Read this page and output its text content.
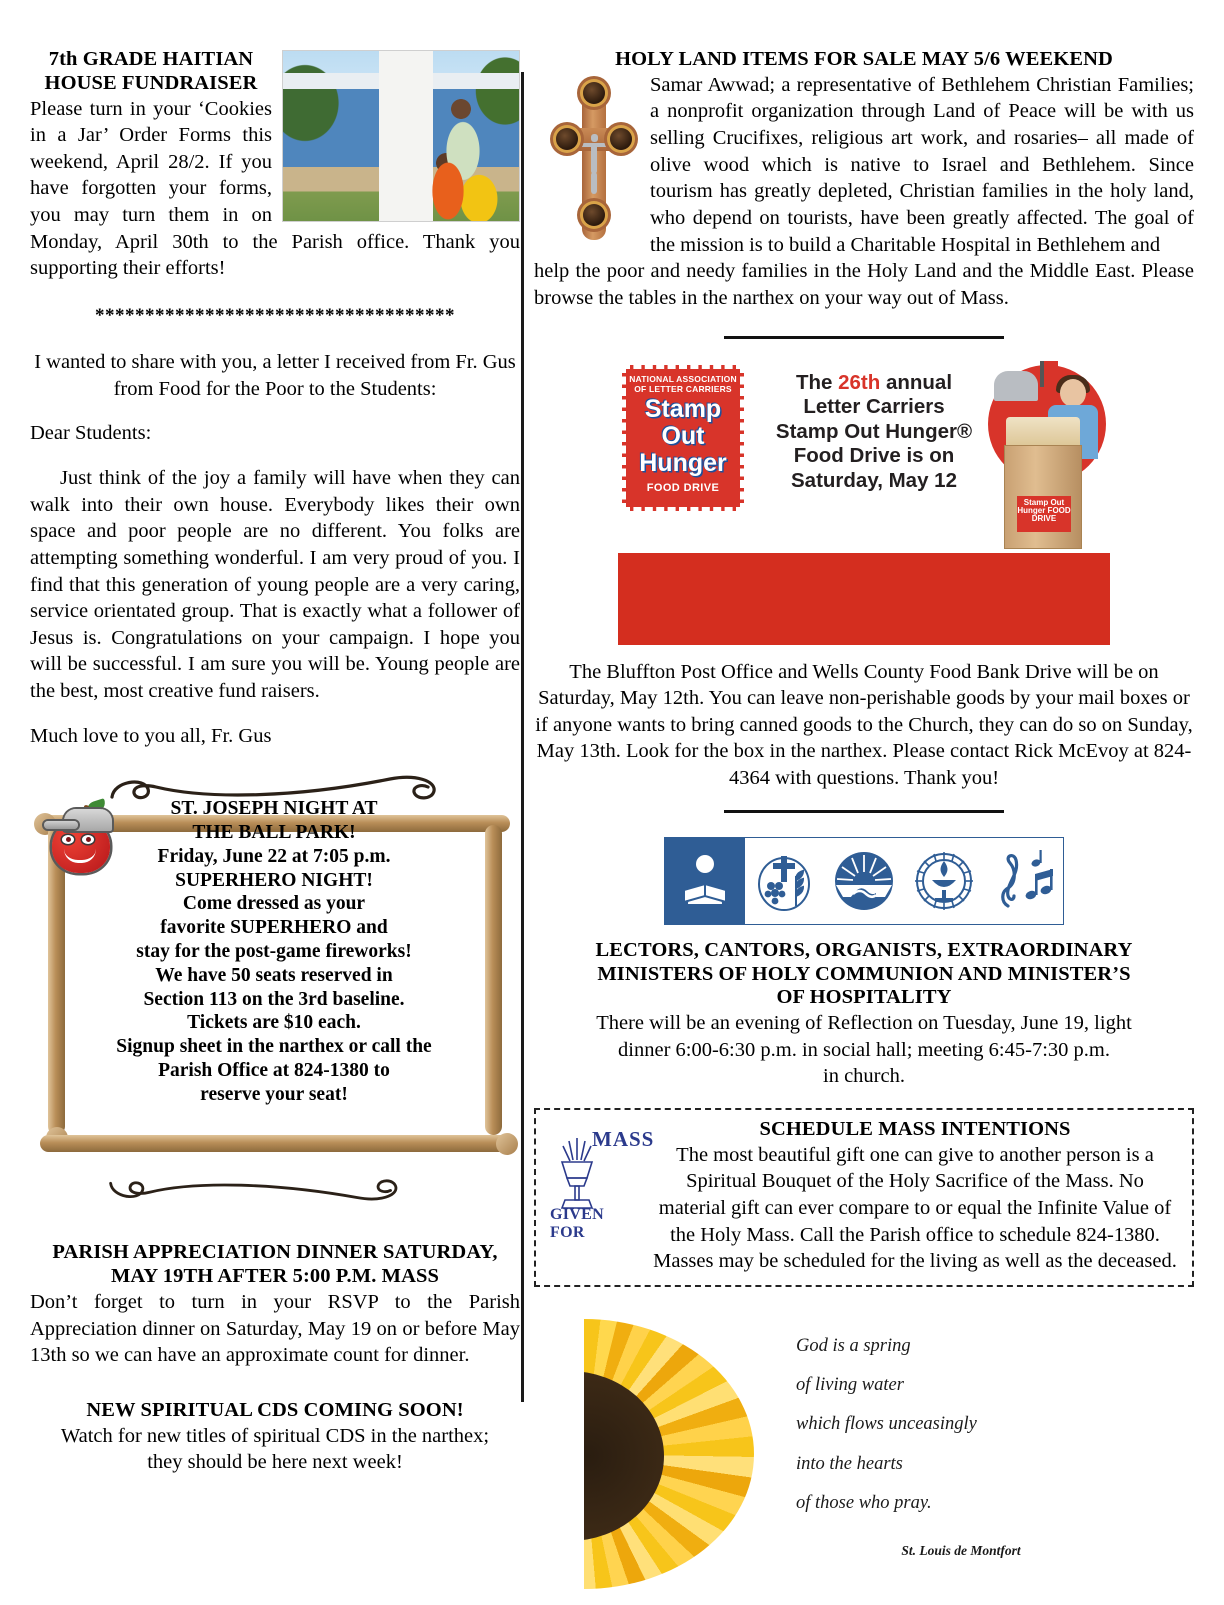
7th GRADE HAITIAN
HOUSE FUNDRAISER
Please turn in your ‘Cookies in a Jar’ Order Forms this weekend, April 28/2. If you have forgotten your forms, you may turn them in on Monday, April 30th to the Parish office. Thank you supporting their efforts!
************************************
I wanted to share with you, a letter I received from Fr. Gus from Food for the Poor to the Students:
Dear Students:
Just think of the joy a family will have when they can walk into their own house. Everybody likes their own space and poor people are no different. You folks are attempting something wonderful. I am very proud of you. I find that this generation of young people are a very caring, service orientated group. That is exactly what a follower of Jesus is. Congratulations on your campaign. I hope you will be successful. I am sure you will be. Young people are the best, most creative fund raisers.
Much love to you all, Fr. Gus
ST. JOSEPH NIGHT AT
THE BALL PARK!
Friday, June 22 at 7:05 p.m.
SUPERHERO NIGHT!
Come dressed as your
favorite SUPERHERO and
stay for the post-game fireworks!
We have 50 seats reserved in
Section 113 on the 3rd baseline.
Tickets are $10 each.
Signup sheet in the narthex or call the
Parish Office at 824-1380 to
reserve your seat!
PARISH APPRECIATION DINNER SATURDAY,
MAY 19TH AFTER 5:00 P.M. MASS
Don’t forget to turn in your RSVP to the Parish Appreciation dinner on Saturday, May 19 on or before May 13th so we can have an approximate count for dinner.
NEW SPIRITUAL CDS COMING SOON!
Watch for new titles of spiritual CDS in the narthex;
they should be here next week!
HOLY LAND ITEMS FOR SALE MAY 5/6 WEEKEND
Samar Awwad; a representative of Bethlehem Christian Families; a nonprofit organization through Land of Peace will be with us selling Crucifixes, religious art work, and rosaries– all made of olive wood which is native to Israel and Bethlehem. Since tourism has greatly depleted, Christian families in the holy land, who depend on tourists, have been greatly affected. The goal of the mission is to build a Charitable Hospital in Bethlehem and
help the poor and needy families in the Holy Land and the Middle East. Please browse the tables in the narthex on your way out of Mass.
NATIONAL ASSOCIATION
OF LETTER CARRIERS
Stamp
Out
Hunger
FOOD DRIVE
The 26th annual
Letter Carriers
Stamp Out Hunger®
Food Drive is on
Saturday, May 12
Stamp Out Hunger FOOD DRIVE
The Bluffton Post Office and Wells County Food Bank Drive will be on Saturday, May 12th. You can leave non-perishable goods by your mail boxes or if anyone wants to bring canned goods to the Church, they can do so on Sunday, May 13th. Look for the box in the narthex. Please contact Rick McEvoy at 824-4364 with questions. Thank you!
LECTORS, CANTORS, ORGANISTS, EXTRAORDINARY
MINISTERS OF HOLY COMMUNION AND MINISTER’S
OF HOSPITALITY
There will be an evening of Reflection on Tuesday, June 19, light
dinner 6:00-6:30 p.m. in social hall; meeting 6:45-7:30 p.m.
in church.
MASS
GIVEN FOR
SCHEDULE MASS INTENTIONS
The most beautiful gift one can give to another person is a Spiritual Bouquet of the Holy Sacrifice of the Mass. No material gift can ever compare to or equal the Infinite Value of the Holy Mass. Call the Parish office to schedule 824-1380.
Masses may be scheduled for the living as well as the deceased.
God is a spring
of living water
which flows unceasingly
into the hearts
of those who pray.
St. Louis de Montfort
